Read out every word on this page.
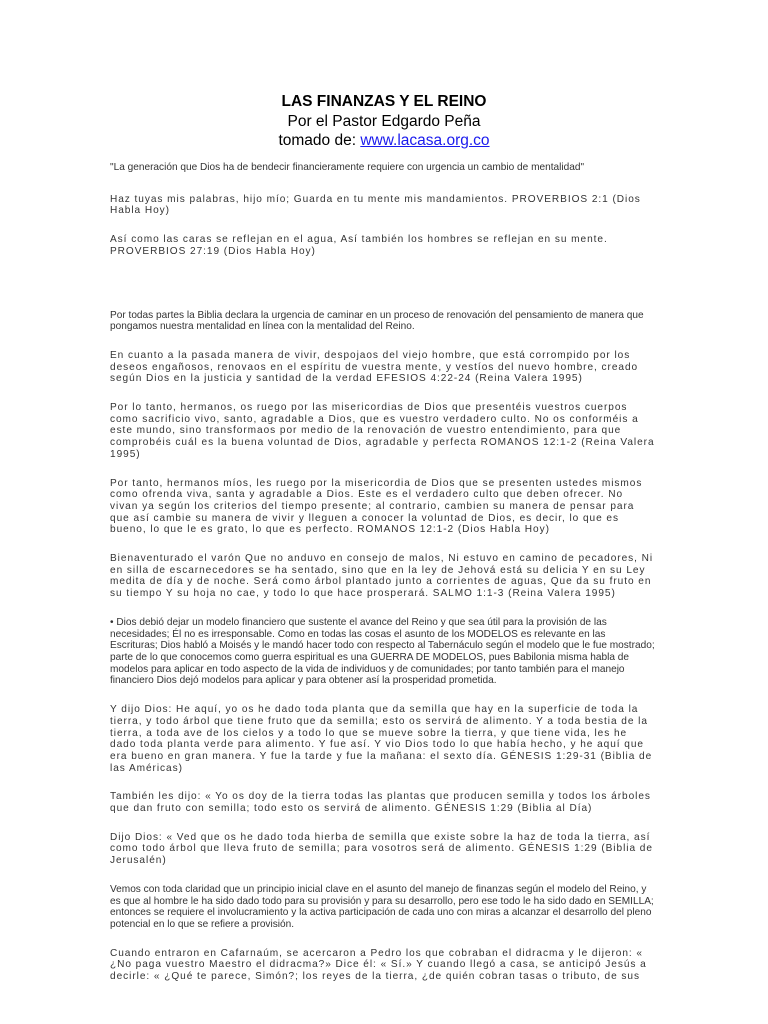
LAS FINANZAS Y EL REINO
Por el Pastor Edgardo Peña
tomado de: www.lacasa.org.co

"La generación que Dios ha de bendecir financieramente requiere con urgencia un cambio de mentalidad"

Haz tuyas mis palabras, hijo mío; Guarda en tu mente mis mandamientos. PROVERBIOS 2:1 (Dios Habla Hoy)

Así como las caras se reflejan en el agua, Así también los hombres se reflejan en su mente. PROVERBIOS 27:19 (Dios Habla Hoy)

Por todas partes la Biblia declara la urgencia de caminar en un proceso de renovación del pensamiento de manera que pongamos nuestra mentalidad en línea con la mentalidad del Reino.

En cuanto a la pasada manera de vivir, despojaos del viejo hombre, que está corrompido por los deseos engañosos, renovaos en el espíritu de vuestra mente, y vestíos del nuevo hombre, creado según Dios en la justicia y santidad de la verdad EFESIOS 4:22-24 (Reina Valera 1995)

Por lo tanto, hermanos, os ruego por las misericordias de Dios que presentéis vuestros cuerpos como sacrificio vivo, santo, agradable a Dios, que es vuestro verdadero culto. No os conforméis a este mundo, sino transformaos por medio de la renovación de vuestro entendimiento, para que comprobéis cuál es la buena voluntad de Dios, agradable y perfecta ROMANOS 12:1-2 (Reina Valera 1995)

Por tanto, hermanos míos, les ruego por la misericordia de Dios que se presenten ustedes mismos como ofrenda viva, santa y agradable a Dios. Este es el verdadero culto que deben ofrecer. No vivan ya según los criterios del tiempo presente; al contrario, cambien su manera de pensar para que así cambie su manera de vivir y lleguen a conocer la voluntad de Dios, es decir, lo que es bueno, lo que le es grato, lo que es perfecto. ROMANOS 12:1-2 (Dios Habla Hoy)

Bienaventurado el varón Que no anduvo en consejo de malos, Ni estuvo en camino de pecadores, Ni en silla de escarnecedores se ha sentado, sino que en la ley de Jehová está su delicia Y en su Ley medita de día y de noche. Será como árbol plantado junto a corrientes de aguas, Que da su fruto en su tiempo Y su hoja no cae, y todo lo que hace prosperará. SALMO 1:1-3 (Reina Valera 1995)

• Dios debió dejar un modelo financiero que sustente el avance del Reino y que sea útil para la provisión de las necesidades; Él no es irresponsable. Como en todas las cosas el asunto de los MODELOS es relevante en las Escrituras; Dios habló a Moisés y le mandó hacer todo con respecto al Tabernáculo según el modelo que le fue mostrado; parte de lo que conocemos como guerra espiritual es una GUERRA DE MODELOS, pues Babilonia misma habla de modelos para aplicar en todo aspecto de la vida de individuos y de comunidades; por tanto también para el manejo financiero Dios dejó modelos para aplicar y para obtener así la prosperidad prometida.

Y dijo Dios: He aquí, yo os he dado toda planta que da semilla que hay en la superficie de toda la tierra, y todo árbol que tiene fruto que da semilla; esto os servirá de alimento. Y a toda bestia de la tierra, a toda ave de los cielos y a todo lo que se mueve sobre la tierra, y que tiene vida, les he dado toda planta verde para alimento. Y fue así. Y vio Dios todo lo que había hecho, y he aquí que era bueno en gran manera. Y fue la tarde y fue la mañana: el sexto día. GÉNESIS 1:29-31 (Biblia de las Américas)

También les dijo: « Yo os doy de la tierra todas las plantas que producen semilla y todos los árboles que dan fruto con semilla; todo esto os servirá de alimento. GÉNESIS 1:29 (Biblia al Día)

Dijo Dios: « Ved que os he dado toda hierba de semilla que existe sobre la haz de toda la tierra, así como todo árbol que lleva fruto de semilla; para vosotros será de alimento. GÉNESIS 1:29 (Biblia de Jerusalén)

Vemos con toda claridad que un principio inicial clave en el asunto del manejo de finanzas según el modelo del Reino, y es que al hombre le ha sido dado todo para su provisión y para su desarrollo, pero ese todo le ha sido dado en SEMILLA; entonces se requiere el involucramiento y la activa participación de cada uno con miras a alcanzar el desarrollo del pleno potencial en lo que se refiere a provisión.

Cuando entraron en Cafarnaúm, se acercaron a Pedro los que cobraban el didracma y le dijeron: « ¿No paga vuestro Maestro el didracma?» Dice él: « Sí.» Y cuando llegó a casa, se anticipó Jesús a decirle: « ¿Qué te parece, Simón?; los reyes de la tierra, ¿de quién cobran tasas o tributo, de sus
